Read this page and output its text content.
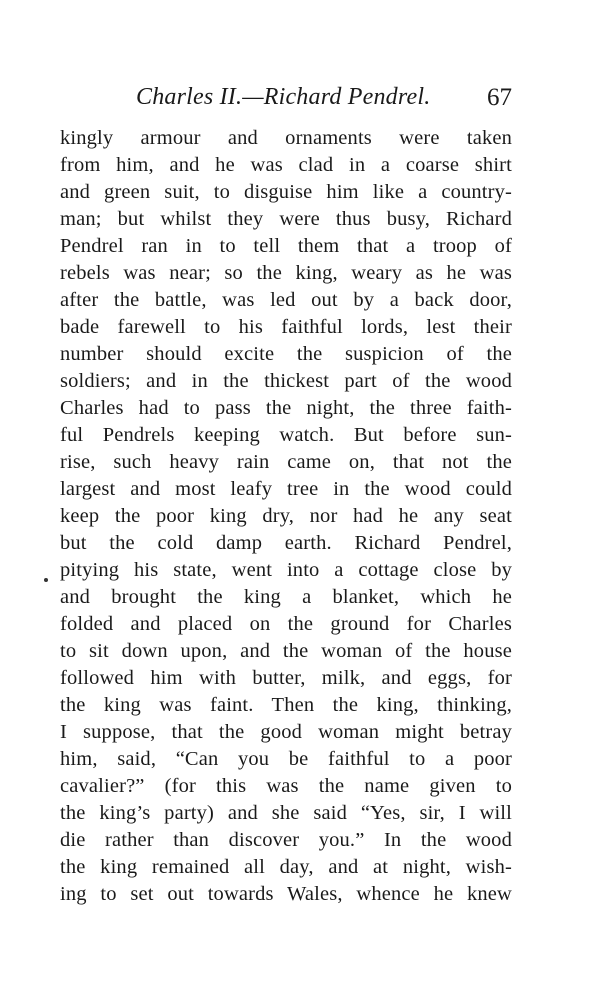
Charles II.—Richard Pendrel. 67
kingly armour and ornaments were taken
from him, and he was clad in a coarse shirt
and green suit, to disguise him like a country-
man; but whilst they were thus busy, Richard
Pendrel ran in to tell them that a troop of
rebels was near; so the king, weary as he was
after the battle, was led out by a back door,
bade farewell to his faithful lords, lest their
number should excite the suspicion of the
soldiers; and in the thickest part of the wood
Charles had to pass the night, the three faith-
ful Pendrels keeping watch. But before sun-
rise, such heavy rain came on, that not the
largest and most leafy tree in the wood could
keep the poor king dry, nor had he any seat
but the cold damp earth. Richard Pendrel,
pitying his state, went into a cottage close by
and brought the king a blanket, which he
folded and placed on the ground for Charles
to sit down upon, and the woman of the house
followed him with butter, milk, and eggs, for
the king was faint. Then the king, thinking,
I suppose, that the good woman might betray
him, said, “Can you be faithful to a poor
cavalier?” (for this was the name given to
the king’s party) and she said “Yes, sir, I will
die rather than discover you.” In the wood
the king remained all day, and at night, wish-
ing to set out towards Wales, whence he knew
